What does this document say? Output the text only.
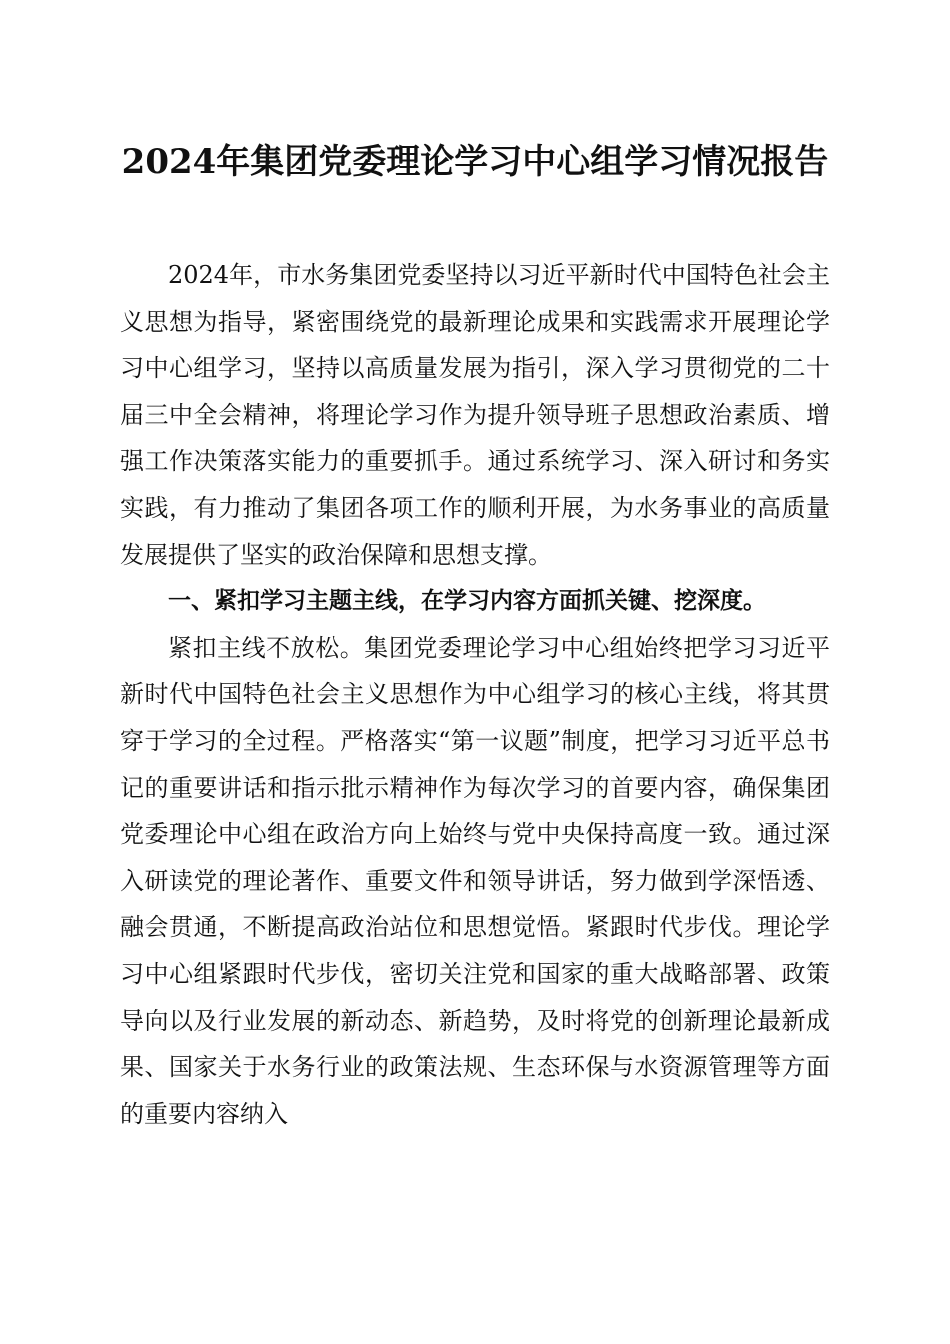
2024年集团党委理论学习中心组学习情况报告

2024年，市水务集团党委坚持以习近平新时代中国特色社会主义思想为指导，紧密围绕党的最新理论成果和实践需求开展理论学习中心组学习，坚持以高质量发展为指引，深入学习贯彻党的二十届三中全会精神，将理论学习作为提升领导班子思想政治素质、增强工作决策落实能力的重要抓手。通过系统学习、深入研讨和务实实践，有力推动了集团各项工作的顺利开展，为水务事业的高质量发展提供了坚实的政治保障和思想支撑。

一、紧扣学习主题主线，在学习内容方面抓关键、挖深度。

紧扣主线不放松。集团党委理论学习中心组始终把学习习近平新时代中国特色社会主义思想作为中心组学习的核心主线，将其贯穿于学习的全过程。严格落实“第一议题”制度，把学习习近平总书记的重要讲话和指示批示精神作为每次学习的首要内容，确保集团党委理论中心组在政治方向上始终与党中央保持高度一致。通过深入研读党的理论著作、重要文件和领导讲话，努力做到学深悟透、融会贯通，不断提高政治站位和思想觉悟。紧跟时代步伐。理论学习中心组紧跟时代步伐，密切关注党和国家的重大战略部署、政策导向以及行业发展的新动态、新趋势，及时将党的创新理论最新成果、国家关于水务行业的政策法规、生态环保与水资源管理等方面的重要内容纳入
